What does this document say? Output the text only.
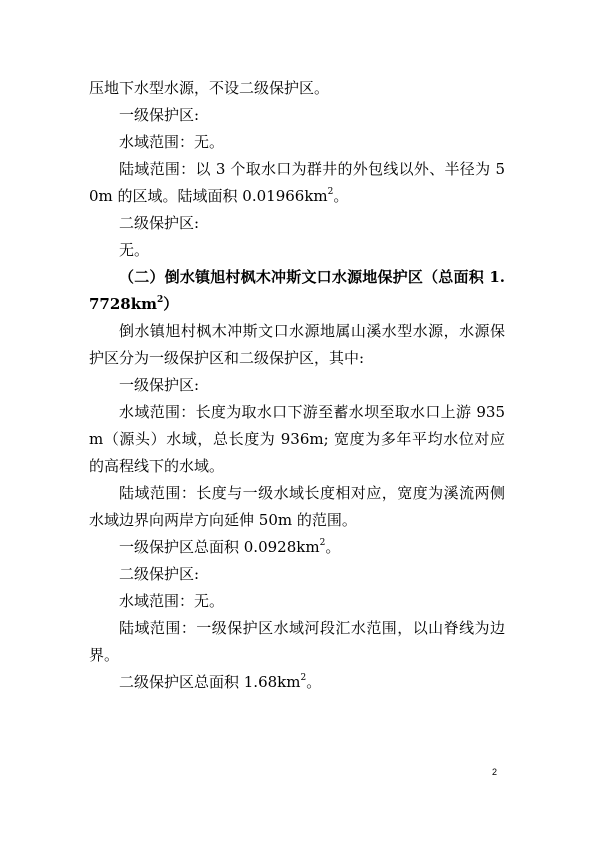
压地下水型水源，不设二级保护区。

一级保护区:

水域范围：无。

陆域范围：以 3 个取水口为群井的外包线以外、半径为 50m 的区域。陆域面积 $0.01966km^2$。

二级保护区:

无。

（二）倒水镇旭村枫木冲斯文口水源地保护区（总面积 $1.7728km^2$）

倒水镇旭村枫木冲斯文口水源地属山溪水型水源，水源保护区分为一级保护区和二级保护区，其中:

一级保护区:

水域范围：长度为取水口下游至蓄水坝至取水口上游 935m（源头）水域，总长度为 936m; 宽度为多年平均水位对应的高程线下的水域。

陆域范围：长度与一级水域长度相对应，宽度为溪流两侧水域边界向两岸方向延伸 50m 的范围。

一级保护区总面积 $0.0928km^2$。

二级保护区:

水域范围：无。

陆域范围：一级保护区水域河段汇水范围，以山脊线为边界。

二级保护区总面积 $1.68km^2$。

2
